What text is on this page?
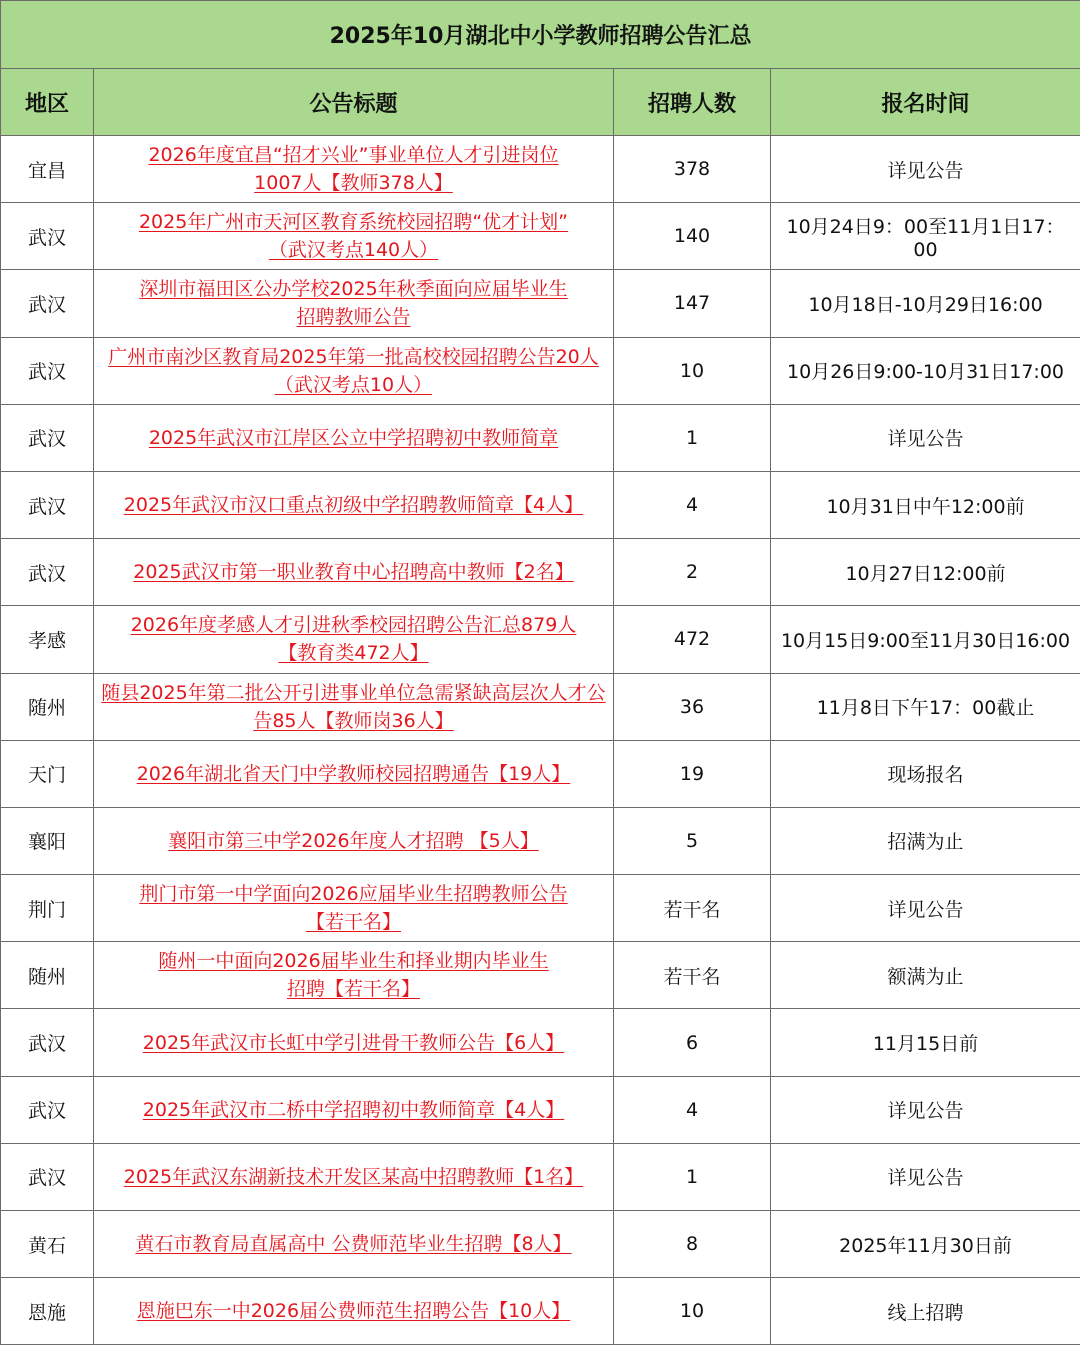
2025年10月湖北中小学教师招聘公告汇总			
地区	公告标题	招聘人数	报名时间
宜昌	2026年度宜昌“招才兴业”事业单位人才引进岗位
1007人【教师378人】	378	详见公告
武汉	2025年广州市天河区教育系统校园招聘“优才计划”
（武汉考点140人）	140	10月24日9：00至11月1日17：00
武汉	深圳市福田区公办学校2025年秋季面向应届毕业生
招聘教师公告	147	10月18日-10月29日16:00
武汉	广州市南沙区教育局2025年第一批高校校园招聘公告20人
（武汉考点10人）	10	10月26日9:00-10月31日17:00
武汉	2025年武汉市江岸区公立中学招聘初中教师简章	1	详见公告
武汉	2025年武汉市汉口重点初级中学招聘教师简章【4人】	4	10月31日中午12:00前
武汉	2025武汉市第一职业教育中心招聘高中教师【2名】	2	10月27日12:00前
孝感	2026年度孝感人才引进秋季校园招聘公告汇总879人
【教育类472人】	472	10月15日9:00至11月30日16:00
随州	随县2025年第二批公开引进事业单位急需紧缺高层次人才公
告85人【教师岗36人】	36	11月8日下午17：00截止
天门	2026年湖北省天门中学教师校园招聘通告【19人】	19	现场报名
襄阳	襄阳市第三中学2026年度人才招聘 【5人】	5	招满为止
荆门	荆门市第一中学面向2026应届毕业生招聘教师公告
【若干名】	若干名	详见公告
随州	随州一中面向2026届毕业生和择业期内毕业生
招聘【若干名】	若干名	额满为止
武汉	2025年武汉市长虹中学引进骨干教师公告【6人】	6	11月15日前
武汉	2025年武汉市二桥中学招聘初中教师简章【4人】	4	详见公告
武汉	2025年武汉东湖新技术开发区某高中招聘教师【1名】	1	详见公告
黄石	黄石市教育局直属高中 公费师范毕业生招聘【8人】	8	2025年11月30日前
恩施	恩施巴东一中2026届公费师范生招聘公告【10人】	10	线上招聘
